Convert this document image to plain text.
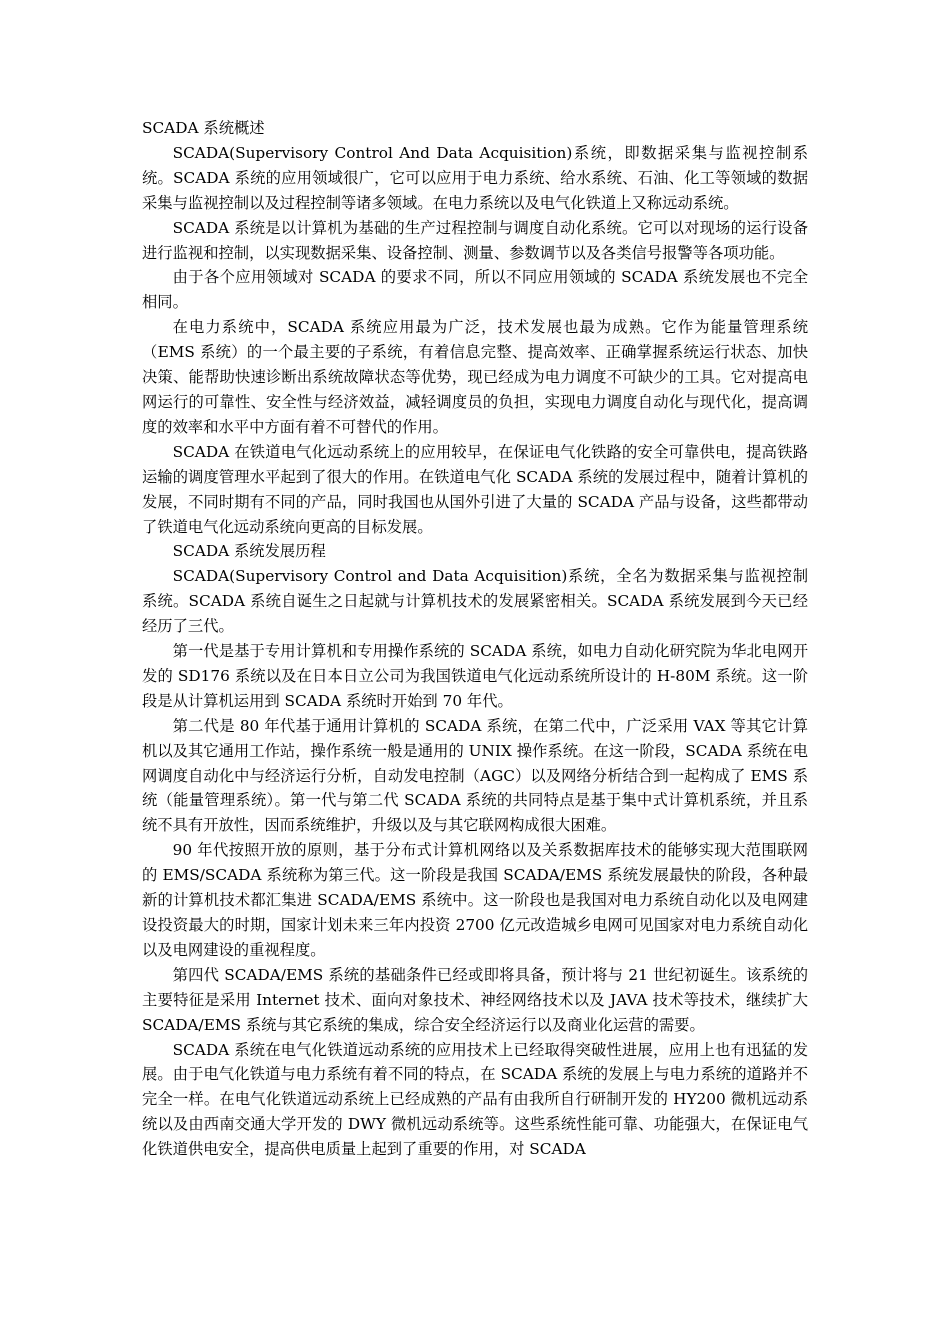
SCADA 系统概述

SCADA(Supervisory Control And Data Acquisition)系统，即数据采集与监视控制系统。SCADA 系统的应用领域很广，它可以应用于电力系统、给水系统、石油、化工等领域的数据采集与监视控制以及过程控制等诸多领域。在电力系统以及电气化铁道上又称远动系统。

SCADA 系统是以计算机为基础的生产过程控制与调度自动化系统。它可以对现场的运行设备进行监视和控制，以实现数据采集、设备控制、测量、参数调节以及各类信号报警等各项功能。

由于各个应用领域对 SCADA 的要求不同，所以不同应用领域的 SCADA 系统发展也不完全相同。

在电力系统中，SCADA 系统应用最为广泛，技术发展也最为成熟。它作为能量管理系统（EMS 系统）的一个最主要的子系统，有着信息完整、提高效率、正确掌握系统运行状态、加快决策、能帮助快速诊断出系统故障状态等优势，现已经成为电力调度不可缺少的工具。它对提高电网运行的可靠性、安全性与经济效益，减轻调度员的负担，实现电力调度自动化与现代化，提高调度的效率和水平中方面有着不可替代的作用。

SCADA 在铁道电气化远动系统上的应用较早，在保证电气化铁路的安全可靠供电，提高铁路运输的调度管理水平起到了很大的作用。在铁道电气化 SCADA 系统的发展过程中，随着计算机的发展，不同时期有不同的产品，同时我国也从国外引进了大量的 SCADA 产品与设备，这些都带动了铁道电气化远动系统向更高的目标发展。

SCADA 系统发展历程

SCADA(Supervisory Control and Data Acquisition)系统，全名为数据采集与监视控制系统。SCADA 系统自诞生之日起就与计算机技术的发展紧密相关。SCADA 系统发展到今天已经经历了三代。

第一代是基于专用计算机和专用操作系统的 SCADA 系统，如电力自动化研究院为华北电网开发的 SD176 系统以及在日本日立公司为我国铁道电气化远动系统所设计的 H-80M 系统。这一阶段是从计算机运用到 SCADA 系统时开始到 70 年代。

第二代是 80 年代基于通用计算机的 SCADA 系统，在第二代中，广泛采用 VAX 等其它计算机以及其它通用工作站，操作系统一般是通用的 UNIX 操作系统。在这一阶段，SCADA 系统在电网调度自动化中与经济运行分析，自动发电控制（AGC）以及网络分析结合到一起构成了 EMS 系统（能量管理系统）。第一代与第二代 SCADA 系统的共同特点是基于集中式计算机系统，并且系统不具有开放性，因而系统维护，升级以及与其它联网构成很大困难。

90 年代按照开放的原则，基于分布式计算机网络以及关系数据库技术的能够实现大范围联网的 EMS/SCADA 系统称为第三代。这一阶段是我国 SCADA/EMS 系统发展最快的阶段，各种最新的计算机技术都汇集进 SCADA/EMS 系统中。这一阶段也是我国对电力系统自动化以及电网建设投资最大的时期，国家计划未来三年内投资 2700 亿元改造城乡电网可见国家对电力系统自动化以及电网建设的重视程度。

第四代 SCADA/EMS 系统的基础条件已经或即将具备，预计将与 21 世纪初诞生。该系统的主要特征是采用 Internet 技术、面向对象技术、神经网络技术以及 JAVA 技术等技术，继续扩大 SCADA/EMS 系统与其它系统的集成，综合安全经济运行以及商业化运营的需要。

SCADA 系统在电气化铁道远动系统的应用技术上已经取得突破性进展，应用上也有迅猛的发展。由于电气化铁道与电力系统有着不同的特点，在 SCADA 系统的发展上与电力系统的道路并不完全一样。在电气化铁道远动系统上已经成熟的产品有由我所自行研制开发的 HY200 微机远动系统以及由西南交通大学开发的 DWY 微机远动系统等。这些系统性能可靠、功能强大，在保证电气化铁道供电安全，提高供电质量上起到了重要的作用，对 SCADA
